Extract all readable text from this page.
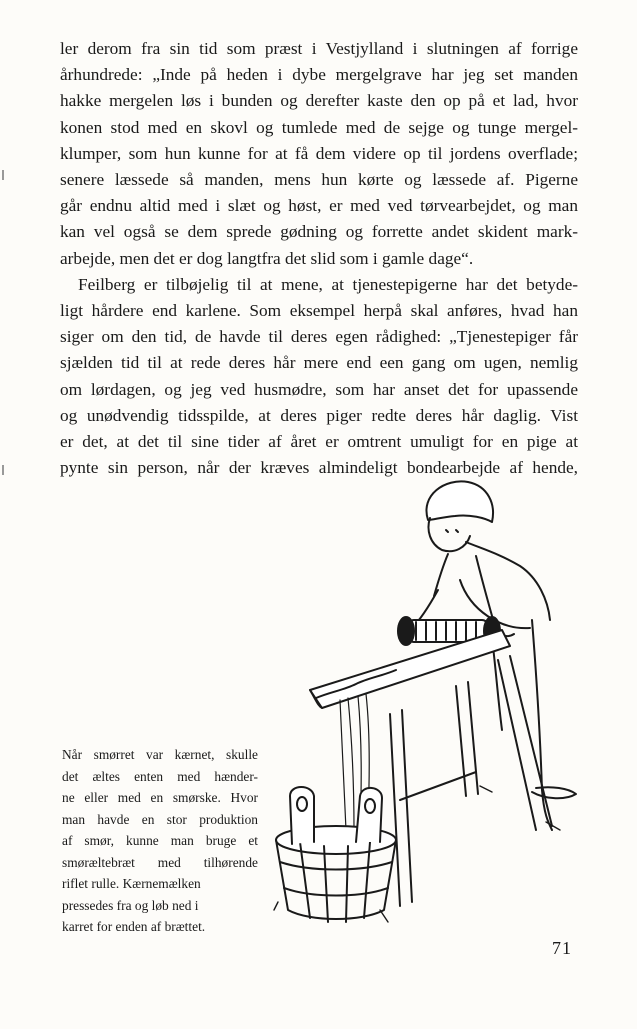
ler derom fra sin tid som præst i Vestjylland i slutningen af forrige
århundrede: „Inde på heden i dybe mergelgrave har jeg set manden
hakke mergelen løs i bunden og derefter kaste den op på et lad, hvor
konen stod med en skovl og tumlede med de sejge og tunge mergel-
klumper, som hun kunne for at få dem videre op til jordens overflade;
senere læssede så manden, mens hun kørte og læssede af. Pigerne
går endnu altid med i slæt og høst, er med ved tørvearbejdet, og man
kan vel også se dem sprede gødning og forrette andet skident mark-
arbejde, men det er dog langtfra det slid som i gamle dage“.
Feilberg er tilbøjelig til at mene, at tjenestepigerne har det betyde-
ligt hårdere end karlene. Som eksempel herpå skal anføres, hvad han
siger om den tid, de havde til deres egen rådighed: „Tjenestepiger får
sjælden tid til at rede deres hår mere end een gang om ugen, nemlig
om lørdagen, og jeg ved husmødre, som har anset det for upassende
og unødvendig tidsspilde, at deres piger redte deres hår daglig. Vist
er det, at det til sine tider af året er omtrent umuligt for en pige at
pynte sin person, når der kræves almindeligt bondearbejde af hende,
Når smørret var kærnet, skulle
det æltes enten med hænder-
ne eller med en smørske. Hvor
man havde en stor produktion
af smør, kunne man bruge et
smøræltebræt med tilhørende
riflet rulle. Kærnemælken
pressedes fra og løb ned i
karret for enden af brættet.
71
